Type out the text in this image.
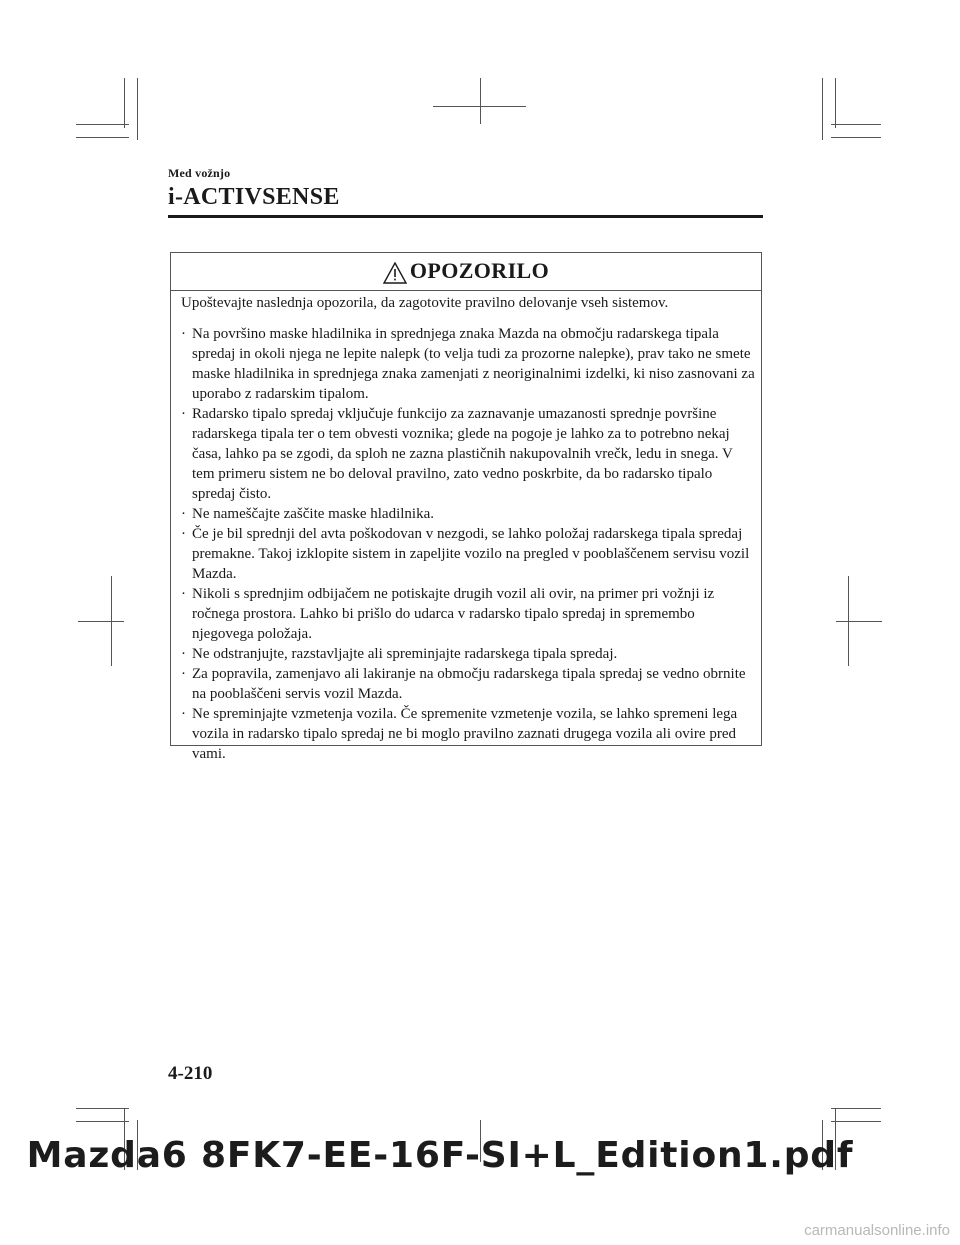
Med vožnjo
i-ACTIVSENSE
OPOZORILO
Upoštevajte naslednja opozorila, da zagotovite pravilno delovanje vseh sistemov.
· Na površino maske hladilnika in sprednjega znaka Mazda na območju radarskega tipala spredaj in okoli njega ne lepite nalepk (to velja tudi za prozorne nalepke), prav tako ne smete maske hladilnika in sprednjega znaka zamenjati z neoriginalnimi izdelki, ki niso zasnovani za uporabo z radarskim tipalom.
· Radarsko tipalo spredaj vključuje funkcijo za zaznavanje umazanosti sprednje površine radarskega tipala ter o tem obvesti voznika; glede na pogoje je lahko za to potrebno nekaj časa, lahko pa se zgodi, da sploh ne zazna plastičnih nakupovalnih vrečk, ledu in snega. V tem primeru sistem ne bo deloval pravilno, zato vedno poskrbite, da bo radarsko tipalo spredaj čisto.
· Ne nameščajte zaščite maske hladilnika.
· Če je bil sprednji del avta poškodovan v nezgodi, se lahko položaj radarskega tipala spredaj premakne. Takoj izklopite sistem in zapeljite vozilo na pregled v pooblaščenem servisu vozil Mazda.
· Nikoli s sprednjim odbijačem ne potiskajte drugih vozil ali ovir, na primer pri vožnji iz ročnega prostora. Lahko bi prišlo do udarca v radarsko tipalo spredaj in spremembo njegovega položaja.
· Ne odstranjujte, razstavljajte ali spreminjajte radarskega tipala spredaj.
· Za popravila, zamenjavo ali lakiranje na območju radarskega tipala spredaj se vedno obrnite na pooblaščeni servis vozil Mazda.
· Ne spreminjajte vzmetenja vozila. Če spremenite vzmetenje vozila, se lahko spremeni lega vozila in radarsko tipalo spredaj ne bi moglo pravilno zaznati drugega vozila ali ovire pred vami.
4-210
Mazda6 8FK7-EE-16F-SI+L_Edition1.pdf
carmanualsonline.info
